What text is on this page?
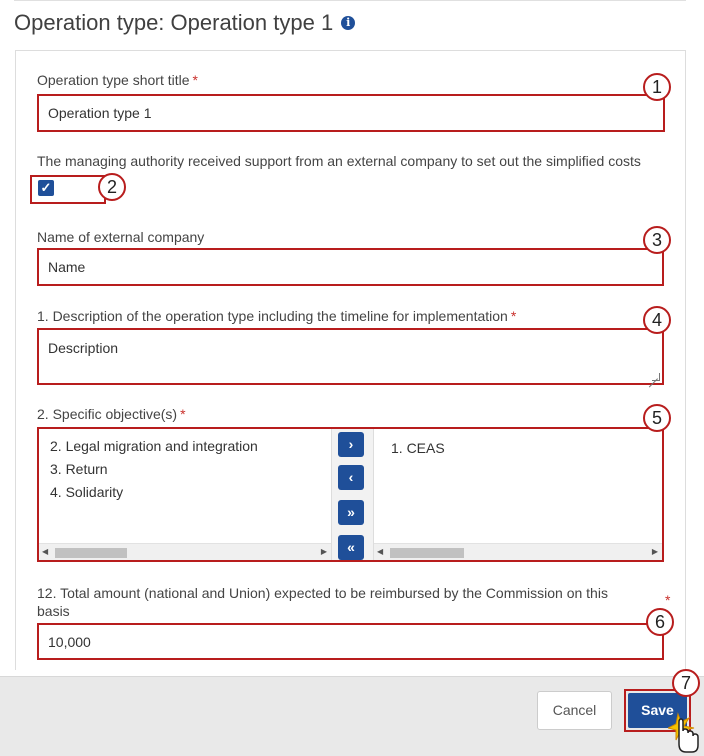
Operation type: Operation type 1	i
Operation type short title *
Operation type 1	1
The managing authority received support from an external company to set out the simplified costs
✓	2
Name of external company
Name	3
1. Description of the operation type including the timeline for implementation *
Description	4
2. Specific objective(s) *
2. Legal migration and integration
3. Return
4. Solidarity
◀	▶
›
‹
»
«
1. CEAS
◀	▶
5
12. Total amount (national and Union) expected to be reimbursed by the Commission on this
basis
*
10,000
6
Cancel	Save
7
